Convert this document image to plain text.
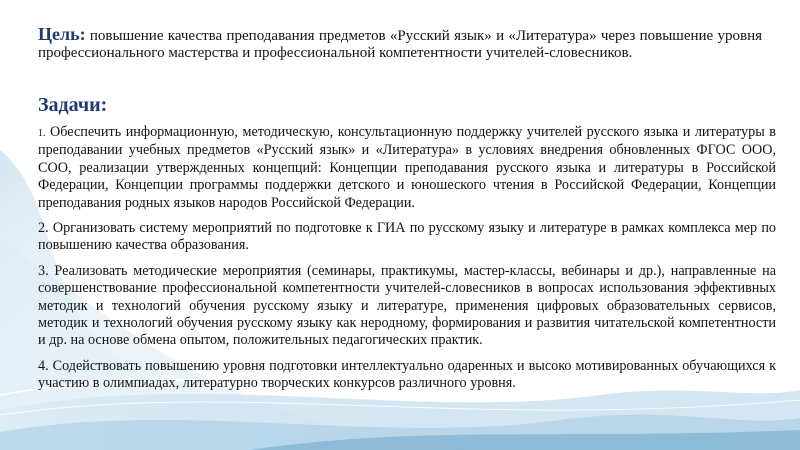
Цель: повышение качества преподавания предметов «Русский язык» и «Литература» через повышение уровня профессионального мастерства и профессиональной компетентности учителей-словесников.
Задачи:

1. Обеспечить информационную, методическую, консультационную поддержку учителей русского языка и литературы в преподавании учебных предметов «Русский язык» и «Литература» в условиях внедрения обновленных ФГОС ООО, СОО, реализации утвержденных концепций: Концепции преподавания русского языка и литературы в Российской Федерации, Концепции программы поддержки детского и юношеского чтения в Российской Федерации, Концепции преподавания родных языков народов Российской Федерации.

2. Организовать систему мероприятий по подготовке к ГИА по русскому языку и литературе в рамках комплекса мер по повышению качества образования.

3. Реализовать методические мероприятия (семинары, практикумы, мастер-классы, вебинары и др.), направленные на совершенствование профессиональной компетентности учителей-словесников в вопросах использования эффективных методик и технологий обучения русскому языку и литературе, применения цифровых образовательных сервисов, методик и технологий обучения русскому языку как неродному, формирования и развития читательской компетентности и др. на основе обмена опытом, положительных педагогических практик.

4. Содействовать повышению уровня подготовки интеллектуально одаренных и высоко мотивированных обучающихся к участию в олимпиадах, литературно творческих конкурсов различного уровня.
